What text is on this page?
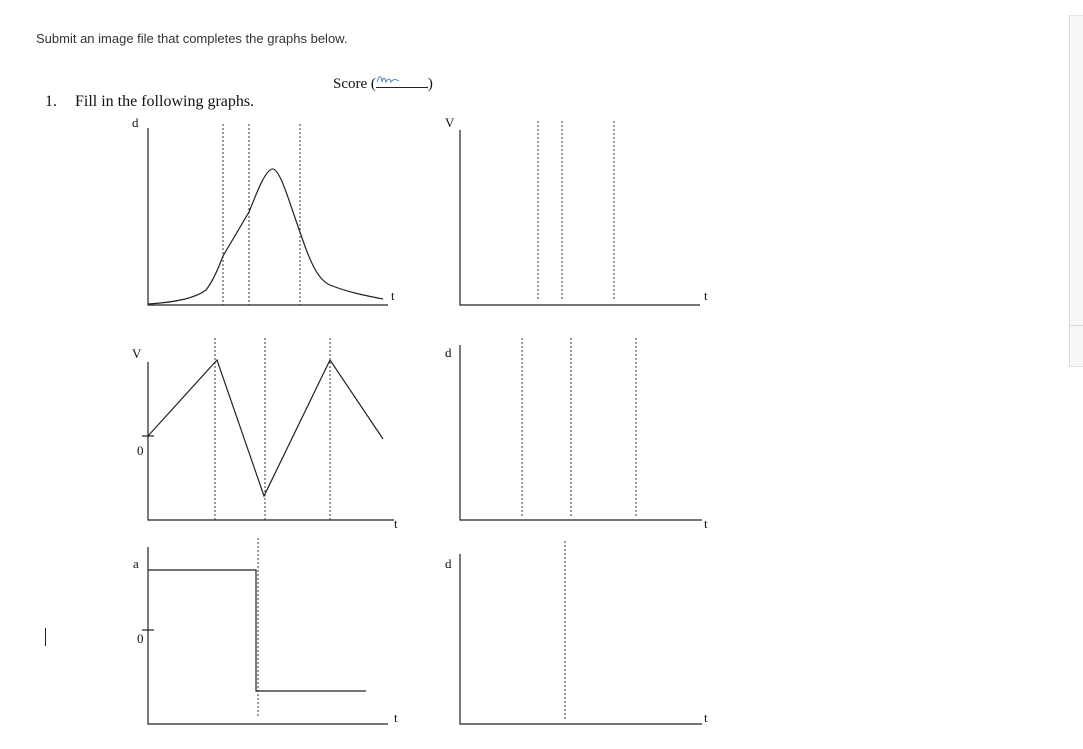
Submit an image file that completes the graphs below.
Score (	)
1. Fill in the following graphs.
d
t
V
t
V
0
t
d
t
a
0
t
d
t
